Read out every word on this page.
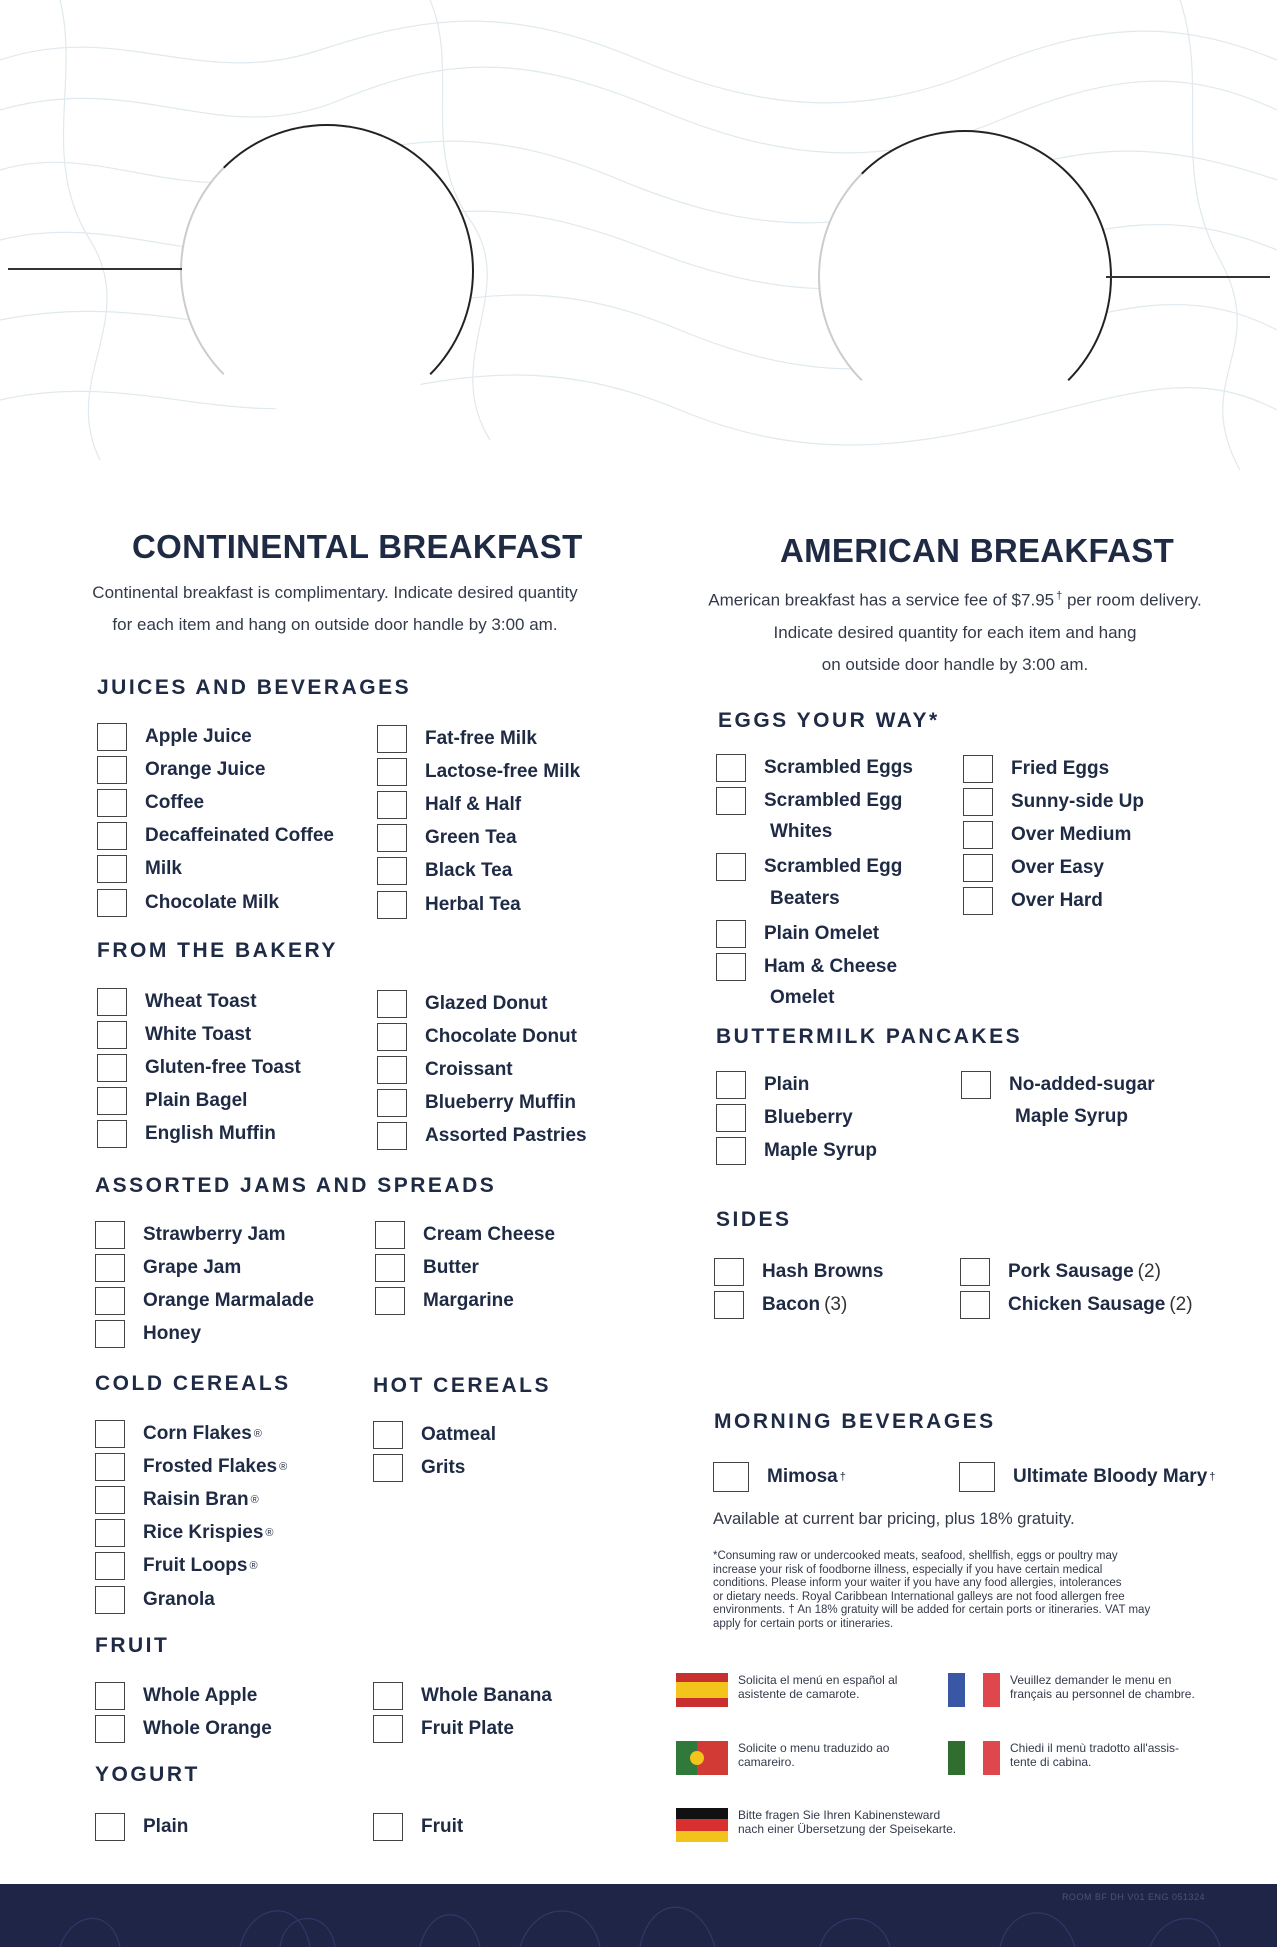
CONTINENTAL BREAKFAST

Continental breakfast is complimentary. Indicate desired quantity
for each item and hang on outside door handle by 3:00 am.

JUICES AND BEVERAGES
FROM THE BAKERY
ASSORTED JAMS AND SPREADS
COLD CEREALS	HOT CEREALS
FRUIT
YOGURT
AMERICAN BREAKFAST

American breakfast has a service fee of $7.95 † per room delivery.
Indicate desired quantity for each item and hang
on outside door handle by 3:00 am.

EGGS YOUR WAY*
BUTTERMILK PANCAKES
No-added-sugar
Maple Syrup
SIDES
MORNING BEVERAGES
Mimosa †	Ultimate Bloody Mary †

Available at current bar pricing, plus 18% gratuity.

*Consuming raw or undercooked meats, seafood, shellfish, eggs or poultry may
increase your risk of foodborne illness, especially if you have certain medical
conditions. Please inform your waiter if you have any food allergies, intolerances
or dietary needs. Royal Caribbean International galleys are not food allergen free
environments. † An 18% gratuity will be added for certain ports or itineraries. VAT may
apply for certain ports or itineraries.
Solicita el menú en español al
asistente de camarote.
Veuillez demander le menu en
français au personnel de chambre.
Solicite o menu traduzido ao
camareiro.
Chiedi il menù tradotto all'assis-
tente di cabina.
Bitte fragen Sie Ihren Kabinensteward
nach einer Übersetzung der Speisekarte.
ROOM BF DH V01 ENG 051324
Apple Juice
Orange Juice
Coffee
Decaffeinated Coffee
Milk
Chocolate Milk
Fat-free Milk
Lactose-free Milk
Half & Half
Green Tea
Black Tea
Herbal Tea
Wheat Toast
White Toast
Gluten-free Toast
Plain Bagel
English Muffin
Glazed Donut
Chocolate Donut
Croissant
Blueberry Muffin
Assorted Pastries
Strawberry Jam
Grape Jam
Orange Marmalade
Honey
Cream Cheese
Butter
Margarine
Corn Flakes ®
Frosted Flakes ®
Raisin Bran ®
Rice Krispies ®
Fruit Loops ®
Granola
Oatmeal
Grits
Whole Apple
Whole Orange
Whole Banana
Fruit Plate
Plain	Fruit
Fried Eggs
Sunny-side Up
Over Medium
Over Easy
Over Hard
Plain
Blueberry
Maple Syrup
Scrambled Eggs
Scrambled Egg
Whites
Scrambled Egg
Beaters
Plain Omelet
Ham & Cheese
Omelet
Hash Browns
Bacon (3)
Pork Sausage (2)
Chicken Sausage (2)
